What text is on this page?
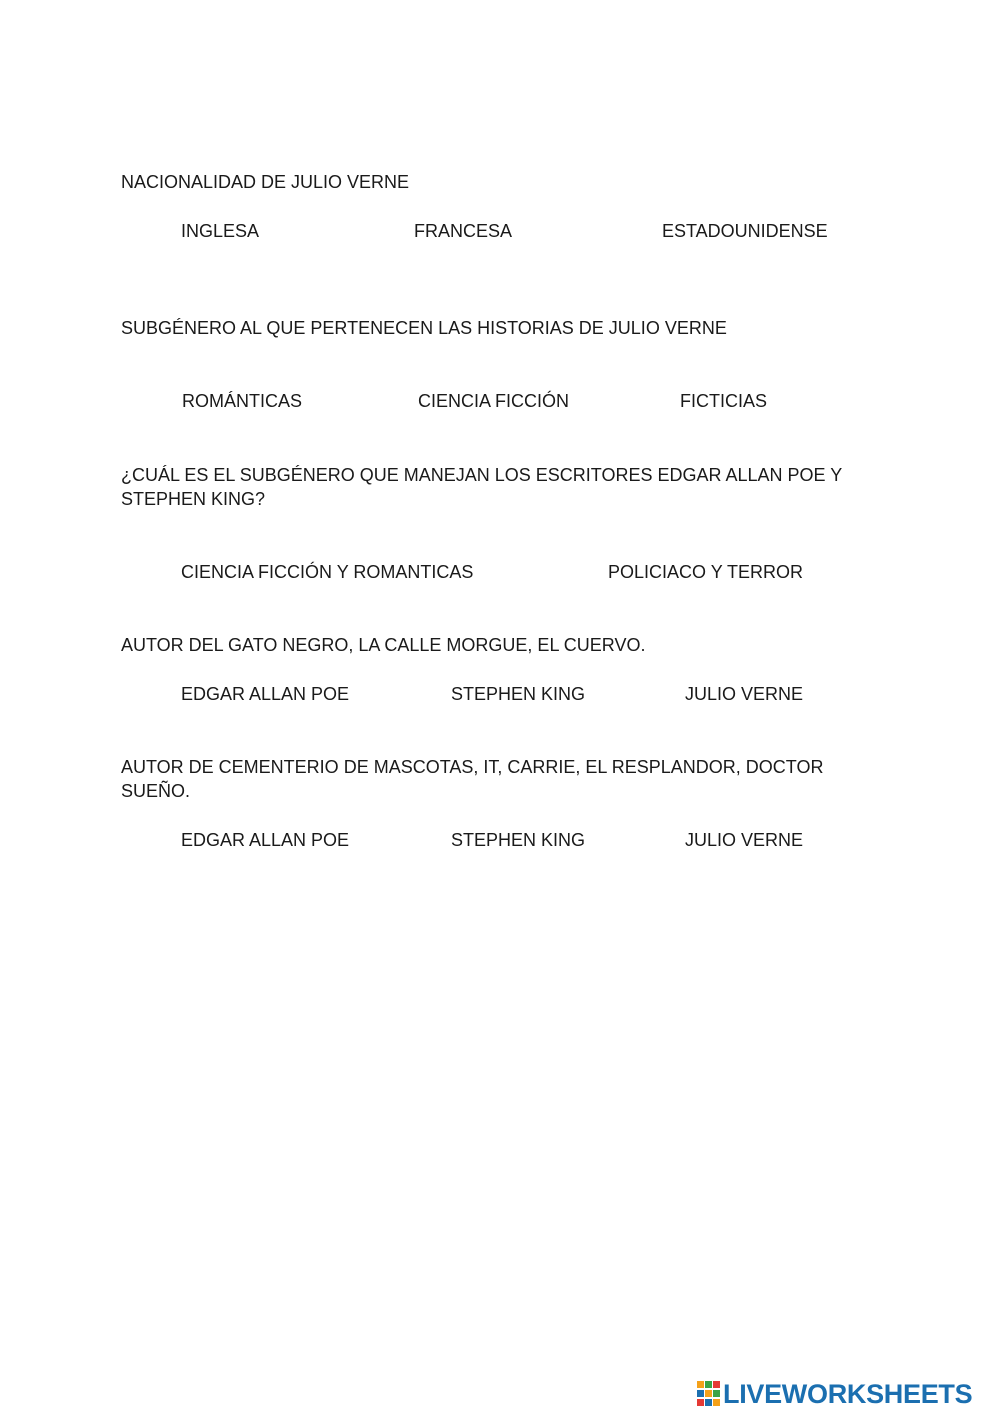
NACIONALIDAD DE JULIO VERNE
INGLESA	FRANCESA	ESTADOUNIDENSE
SUBGÉNERO AL QUE PERTENECEN LAS HISTORIAS DE JULIO VERNE
ROMÁNTICAS	CIENCIA FICCIÓN	FICTICIAS
¿CUÁL ES EL SUBGÉNERO QUE MANEJAN LOS ESCRITORES EDGAR ALLAN POE Y STEPHEN KING?
CIENCIA FICCIÓN Y ROMANTICAS	POLICIACO Y TERROR
AUTOR DEL GATO NEGRO, LA CALLE MORGUE, EL CUERVO.
EDGAR ALLAN POE	STEPHEN KING	JULIO VERNE
AUTOR DE CEMENTERIO DE MASCOTAS, IT, CARRIE, EL RESPLANDOR, DOCTOR SUEÑO.
EDGAR ALLAN POE	STEPHEN KING	JULIO VERNE
LIVEWORKSHEETS
